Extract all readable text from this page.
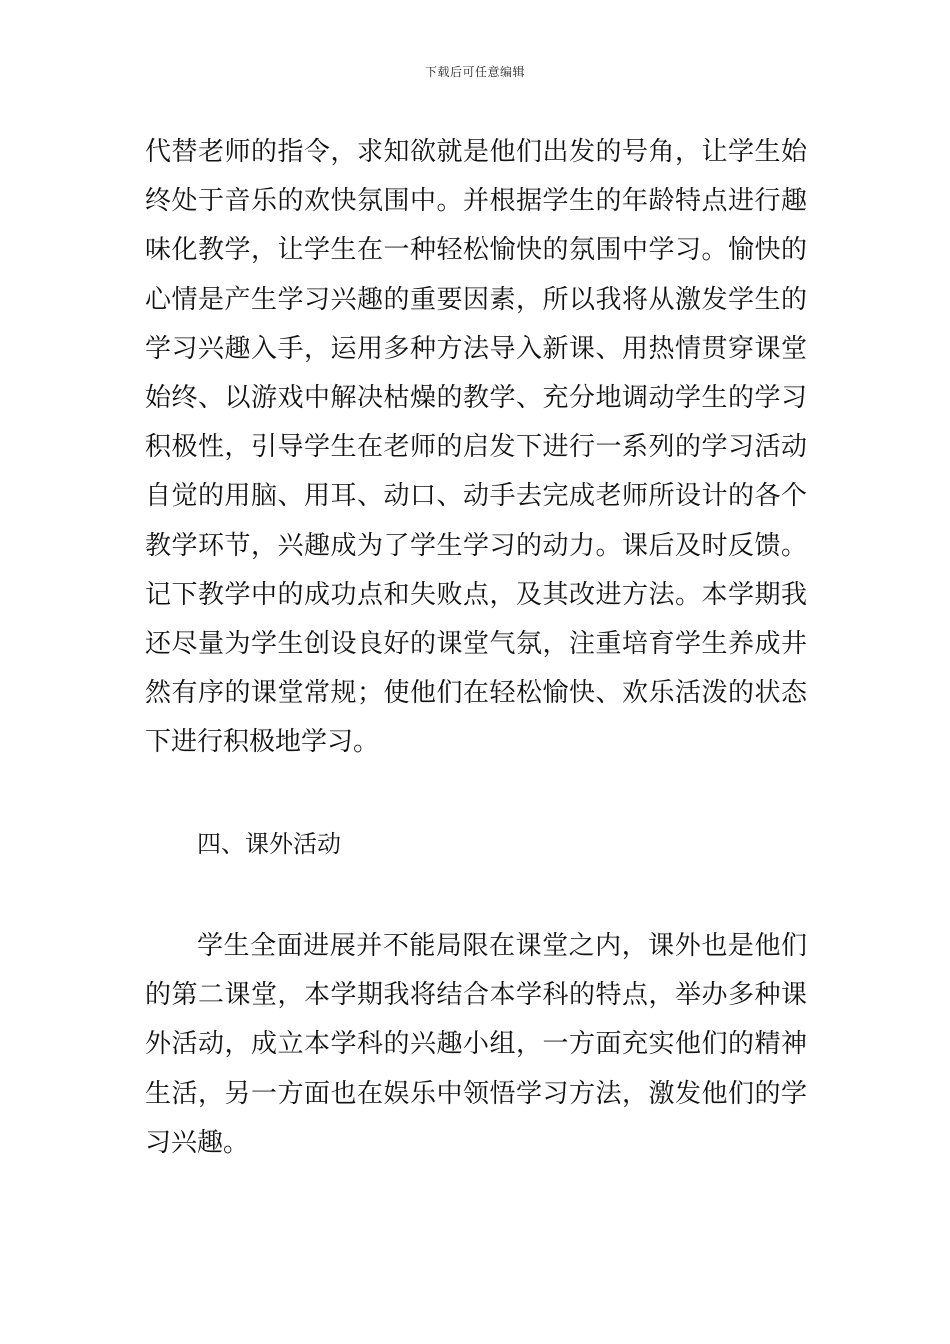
下载后可任意编辑

代替老师的指令，求知欲就是他们出发的号角，让学生始终处于音乐的欢快氛围中。并根据学生的年龄特点进行趣味化教学，让学生在一种轻松愉快的氛围中学习。愉快的心情是产生学习兴趣的重要因素，所以我将从激发学生的学习兴趣入手，运用多种方法导入新课、用热情贯穿课堂始终、以游戏中解决枯燥的教学、充分地调动学生的学习积极性，引导学生在老师的启发下进行一系列的学习活动自觉的用脑、用耳、动口、动手去完成老师所设计的各个教学环节，兴趣成为了学生学习的动力。课后及时反馈。记下教学中的成功点和失败点，及其改进方法。本学期我还尽量为学生创设良好的课堂气氛，注重培育学生养成井然有序的课堂常规；使他们在轻松愉快、欢乐活泼的状态下进行积极地学习。

四、课外活动

学生全面进展并不能局限在课堂之内，课外也是他们的第二课堂，本学期我将结合本学科的特点，举办多种课外活动，成立本学科的兴趣小组，一方面充实他们的精神生活，另一方面也在娱乐中领悟学习方法，激发他们的学习兴趣。
